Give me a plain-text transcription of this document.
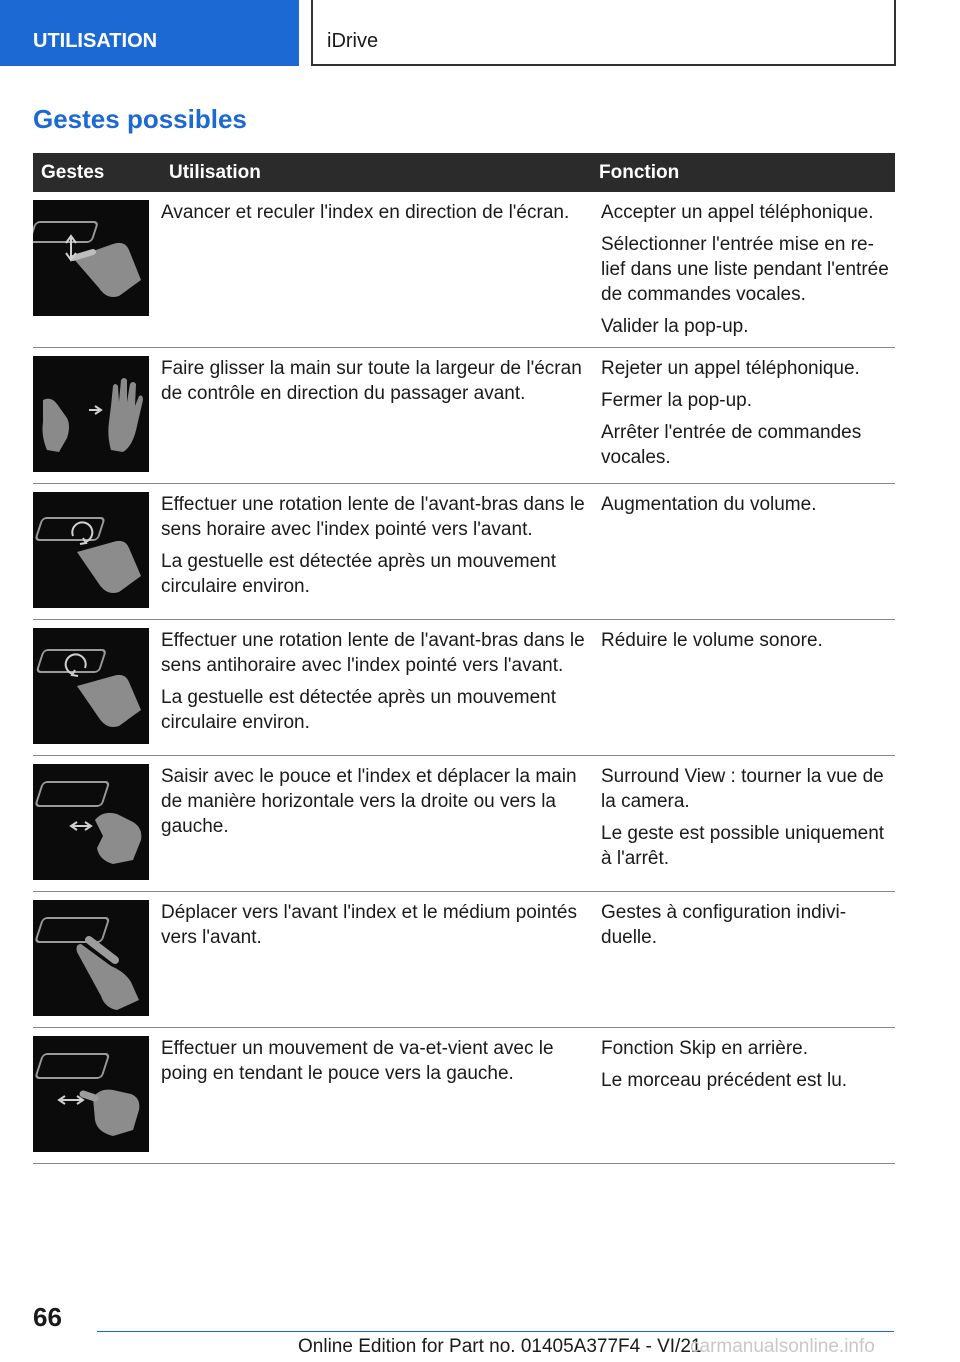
UTILISATION	iDrive
Gestes possibles
Gestes	Utilisation	Fonction

Avancer et reculer l'index en direction de l'écran.	Accepter un appel téléphonique.
Sélectionner l'entrée mise en re-lief dans une liste pendant l'entrée de commandes vocales.
Valider la pop-up.

Faire glisser la main sur toute la largeur de l'écran de contrôle en direction du passager avant.	Rejeter un appel téléphonique.
Fermer la pop-up.
Arrêter l'entrée de commandes vocales.

Effectuer une rotation lente de l'avant-bras dans le sens horaire avec l'index pointé vers l'avant.
La gestuelle est détectée après un mouvement circulaire environ.	Augmentation du volume.

Effectuer une rotation lente de l'avant-bras dans le sens antihoraire avec l'index pointé vers l'avant.
La gestuelle est détectée après un mouvement circulaire environ.	Réduire le volume sonore.

Saisir avec le pouce et l'index et déplacer la main de manière horizontale vers la droite ou vers la gauche.	Surround View : tourner la vue de la camera.
Le geste est possible uniquement à l'arrêt.

Déplacer vers l'avant l'index et le médium pointés vers l'avant.	Gestes à configuration indivi-duelle.

Effectuer un mouvement de va-et-vient avec le poing en tendant le pouce vers la gauche.	Fonction Skip en arrière.
Le morceau précédent est lu.
66
Online Edition for Part no. 01405A377F4 - VI/21
carmanualsonline.info
